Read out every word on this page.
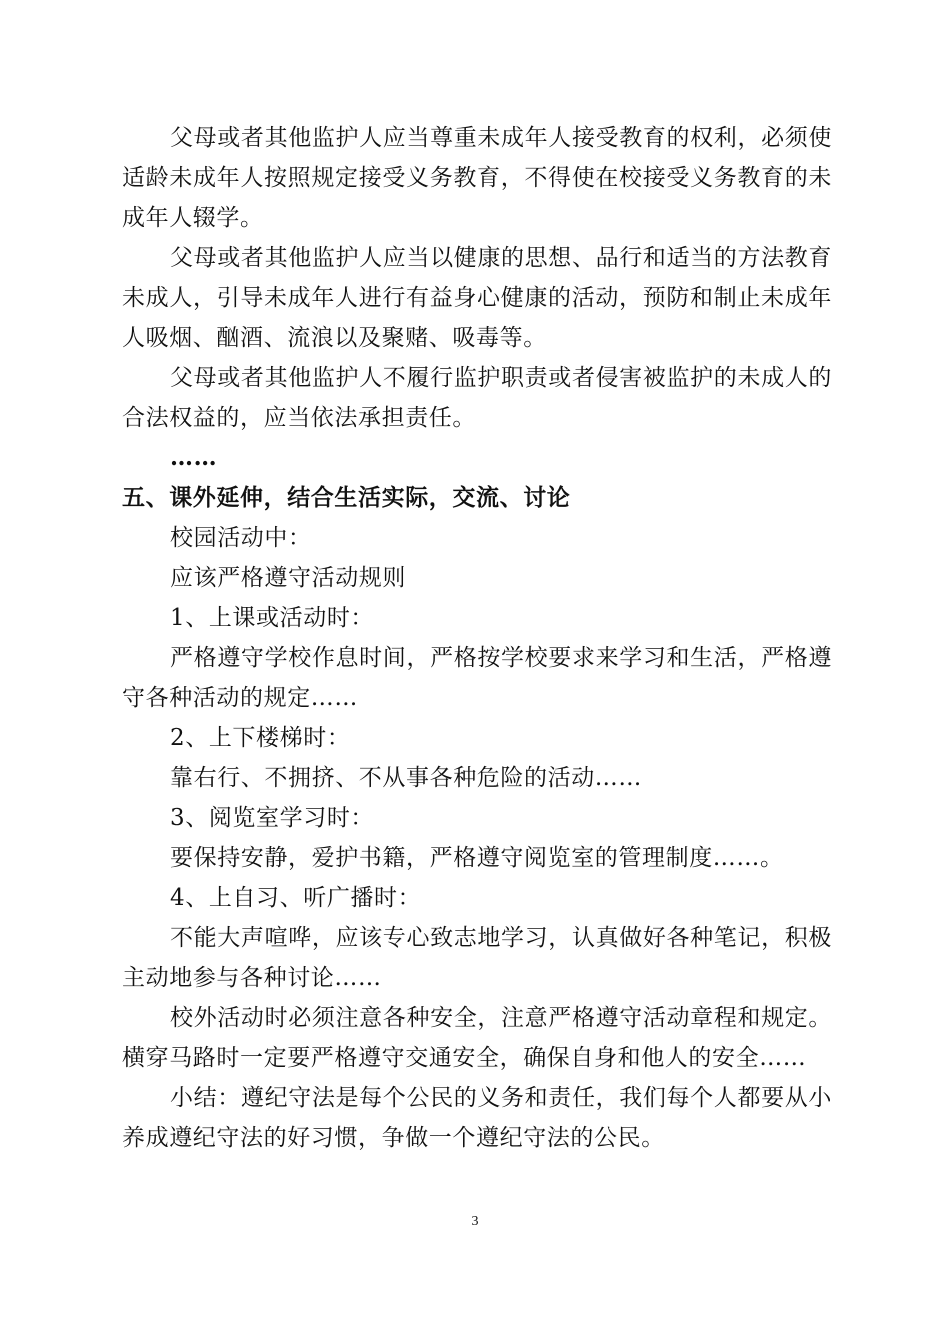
父母或者其他监护人应当尊重未成年人接受教育的权利，必须使适龄未成年人按照规定接受义务教育，不得使在校接受义务教育的未成年人辍学。

父母或者其他监护人应当以健康的思想、品行和适当的方法教育未成人，引导未成年人进行有益身心健康的活动，预防和制止未成年人吸烟、酗酒、流浪以及聚赌、吸毒等。

父母或者其他监护人不履行监护职责或者侵害被监护的未成人的合法权益的，应当依法承担责任。

……

五、课外延伸，结合生活实际，交流、讨论

校园活动中：

应该严格遵守活动规则

1、上课或活动时：

严格遵守学校作息时间，严格按学校要求来学习和生活，严格遵守各种活动的规定……

2、上下楼梯时：

靠右行、不拥挤、不从事各种危险的活动……

3、阅览室学习时：

要保持安静，爱护书籍，严格遵守阅览室的管理制度……。

4、上自习、听广播时：

不能大声喧哗，应该专心致志地学习，认真做好各种笔记，积极主动地参与各种讨论……

校外活动时必须注意各种安全，注意严格遵守活动章程和规定。横穿马路时一定要严格遵守交通安全，确保自身和他人的安全……

小结：遵纪守法是每个公民的义务和责任，我们每个人都要从小养成遵纪守法的好习惯，争做一个遵纪守法的公民。

3
